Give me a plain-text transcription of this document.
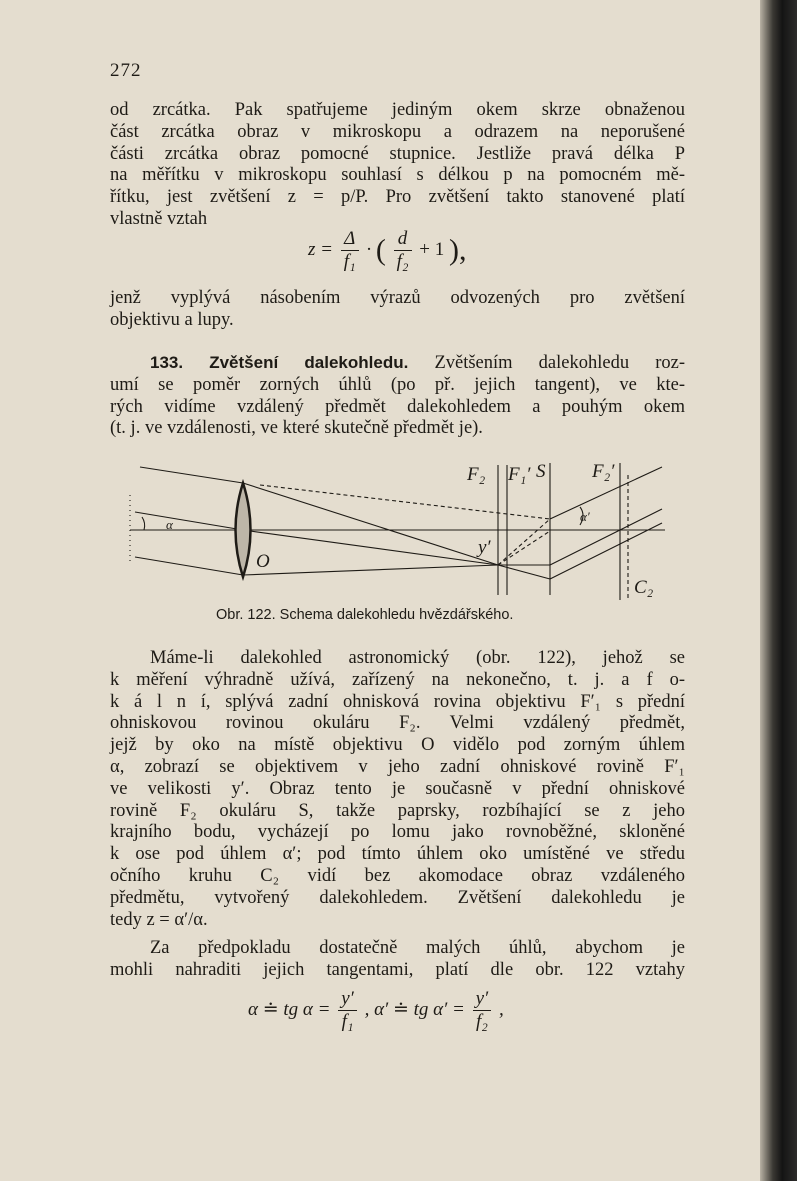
272
od zrcátka. Pak spatřujeme jediným okem skrze obnaženou
část zrcátka obraz v mikroskopu a odrazem na neporušené
části zrcátka obraz pomocné stupnice. Jestliže pravá délka P
na měřítku v mikroskopu souhlasí s délkou p na pomocném mě-
řítku, jest zvětšení z = p/P. Pro zvětšení takto stanovené platí
vlastně vztah
$z = \frac{\Delta}{\text{f₁}}$ · ( $\frac{d}{\text{f₂}} + 1$ ),
jenž vyplývá násobením výrazů odvozených pro zvětšení
objektivu a lupy.
133. Zvětšení dalekohledu. Zvětšením dalekohledu roz-
umí se poměr zorných úhlů (po př. jejich tangent), ve kte-
rých vidíme vzdálený předmět dalekohledem a pouhým okem
(t. j. ve vzdálenosti, ve které skutečně předmět je).
F₂ F₁′ S F₂′
O
y′
C₂
α
α′
Obr. 122. Schema dalekohledu hvězdářského.
Máme-li dalekohled astronomický (obr. 122), jehož se
k měření výhradně užívá, zařízený na nekonečno, t. j. a f o-
k á l n í, splývá zadní ohnisková rovina objektivu F′₁ s přední
ohniskovou rovinou okuláru F₂. Velmi vzdálený předmět,
jejž by oko na místě objektivu O vidělo pod zorným úhlem
α, zobrazí se objektivem v jeho zadní ohniskové rovině F′₁
ve velikosti y′. Obraz tento je současně v přední ohniskové
rovině F₂ okuláru S, takže paprsky, rozbíhající se z jeho
krajního bodu, vycházejí po lomu jako rovnoběžné, skloněné
k ose pod úhlem α′; pod tímto úhlem oko umístěné ve středu
očního kruhu C₂ vidí bez akomodace obraz vzdáleného
předmětu, vytvořený dalekohledem. Zvětšení dalekohledu je
tedy z = α′/α.
Za předpokladu dostatečně malých úhlů, abychom je
mohli nahraditi jejich tangentami, platí dle obr. 122 vztahy
α ≐ tg $\alpha = \frac{y'}{\text{f₁}}$ , α′ ≐ tg $\alpha' = \frac{y'}{\text{f₂}}$ ,
